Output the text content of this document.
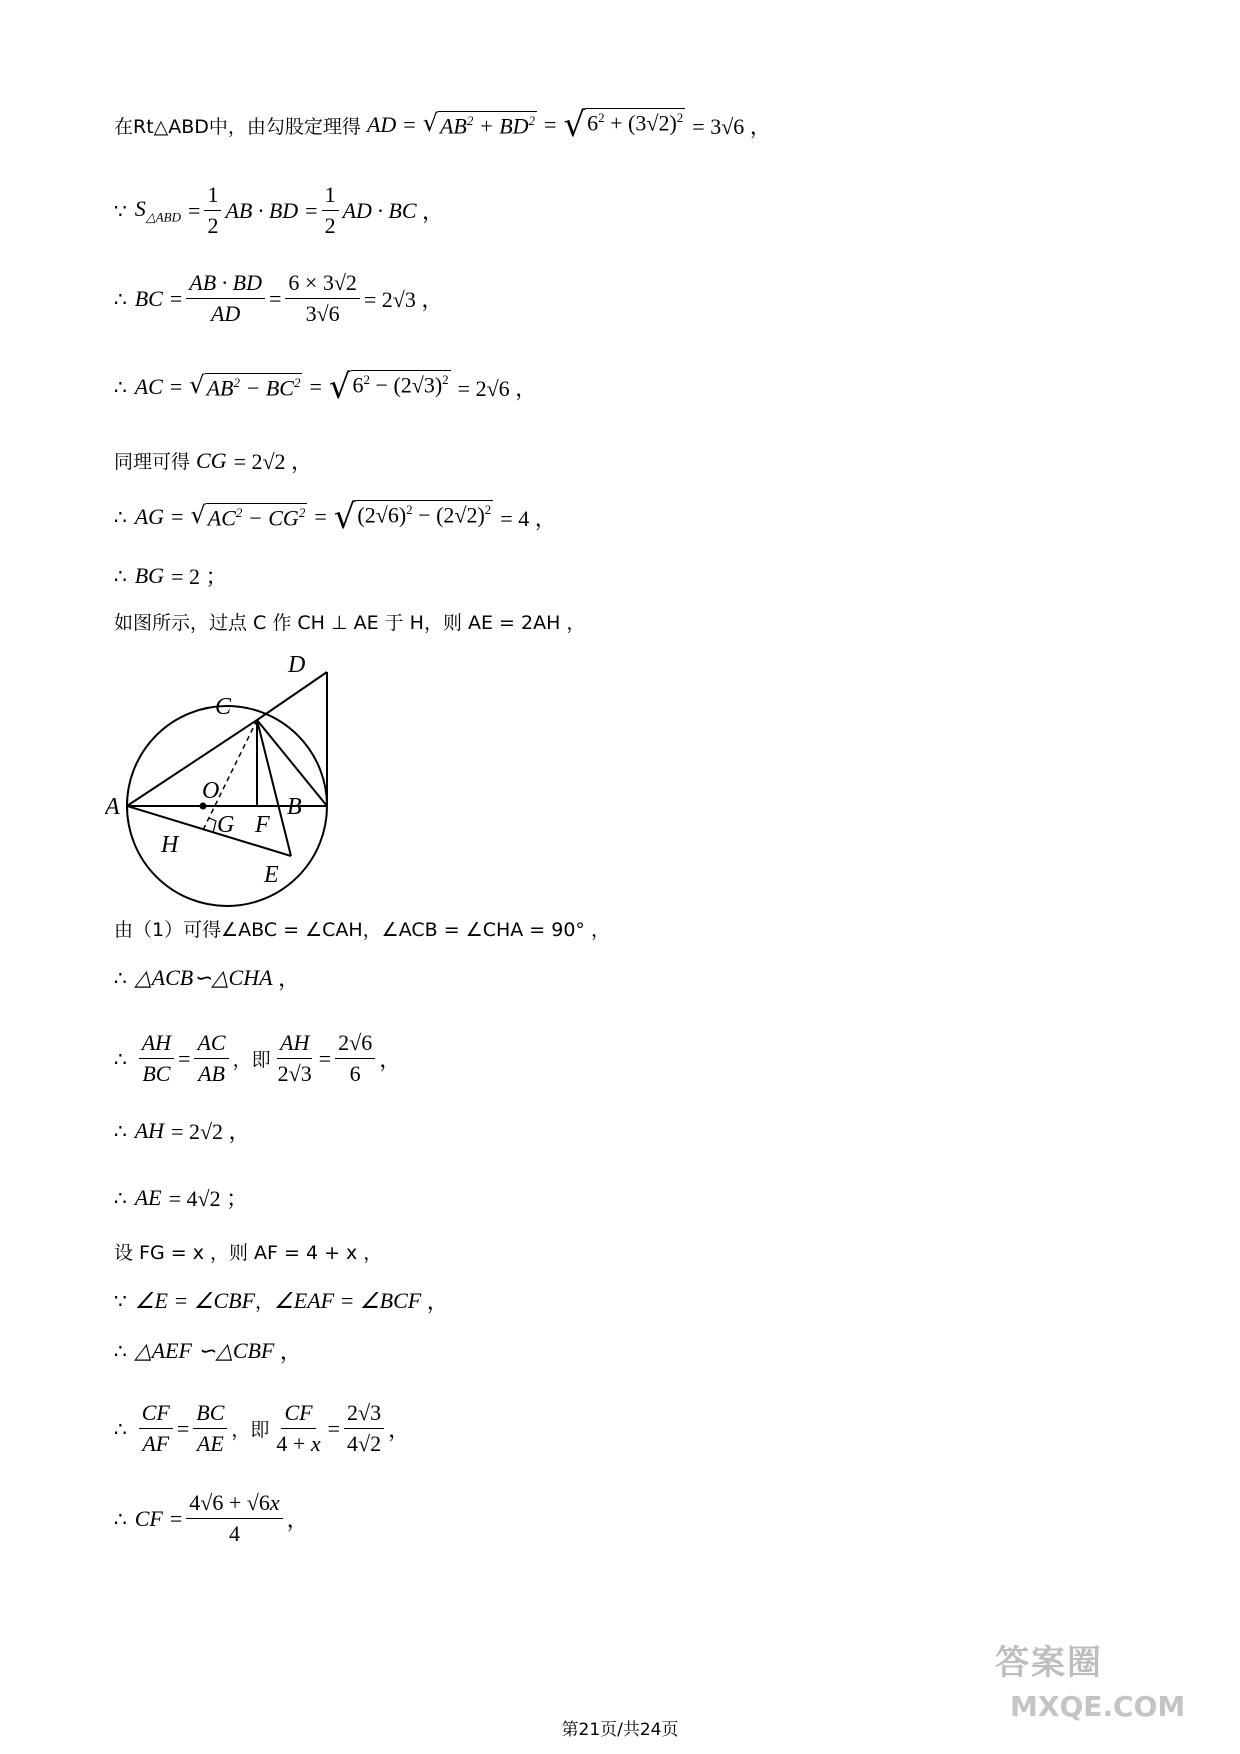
在Rt△ABD中，由勾股定理得 AD
=
√ $AB^2 + BD^2$
=
√ $6^2 + (3√2)^2$
= 3√6 ，
∵ $S_{\triangle ABD}$
= $\frac{1}{2}$ AB · BD
= $\frac{1}{2}$ AD · BC ，
∴ BC
= $\frac{AB \cdot BD}{AD} = \frac{6 \times 3√2}{3√6} = 2√3$ ，
∴ AC
=
√ $AB^2 - BC^2$
=
√ $6^2 - (2√3)^2$
= 2√6 ，
同理可得 CG
= 2√2 ，
∴ AG
=
√ $AC^2 - CG^2$
=
√ $(2√6)^2 - (2√2)^2$
= 4 ，
∴ BG
= 2 ；
如图所示，过点 C 作 CH ⊥ AE 于 H，则 AE = 2AH ，
D
C
A
O
G F
B
H
E
由（1）可得∠ABC = ∠CAH，∠ACB = ∠CHA = 90° ，
∴ △ACB∽△CHA ，
∴ $\frac{AH}{BC} = \frac{AC}{AB}$ ，即 $\frac{AH}{2√3} = \frac{2√6}{6}$ ，
∴ AH
= 2√2 ，
∴ AE
= 4√2 ；
设 FG = x ，则 AF = 4 + x ，
∵ ∠E = ∠CBF ， ∠EAF = ∠BCF ，
∴ △AEF ∽△CBF ，
∴ $\frac{CF}{AF} = \frac{BC}{AE}$ ，即 $\frac{CF}{4 + x} = \frac{2√3}{4√2}$ ，
∴ CF
= $\frac{4√6 + √6x}{4}$ ，
答案圈
MXQE.COM
第21页/共24页
